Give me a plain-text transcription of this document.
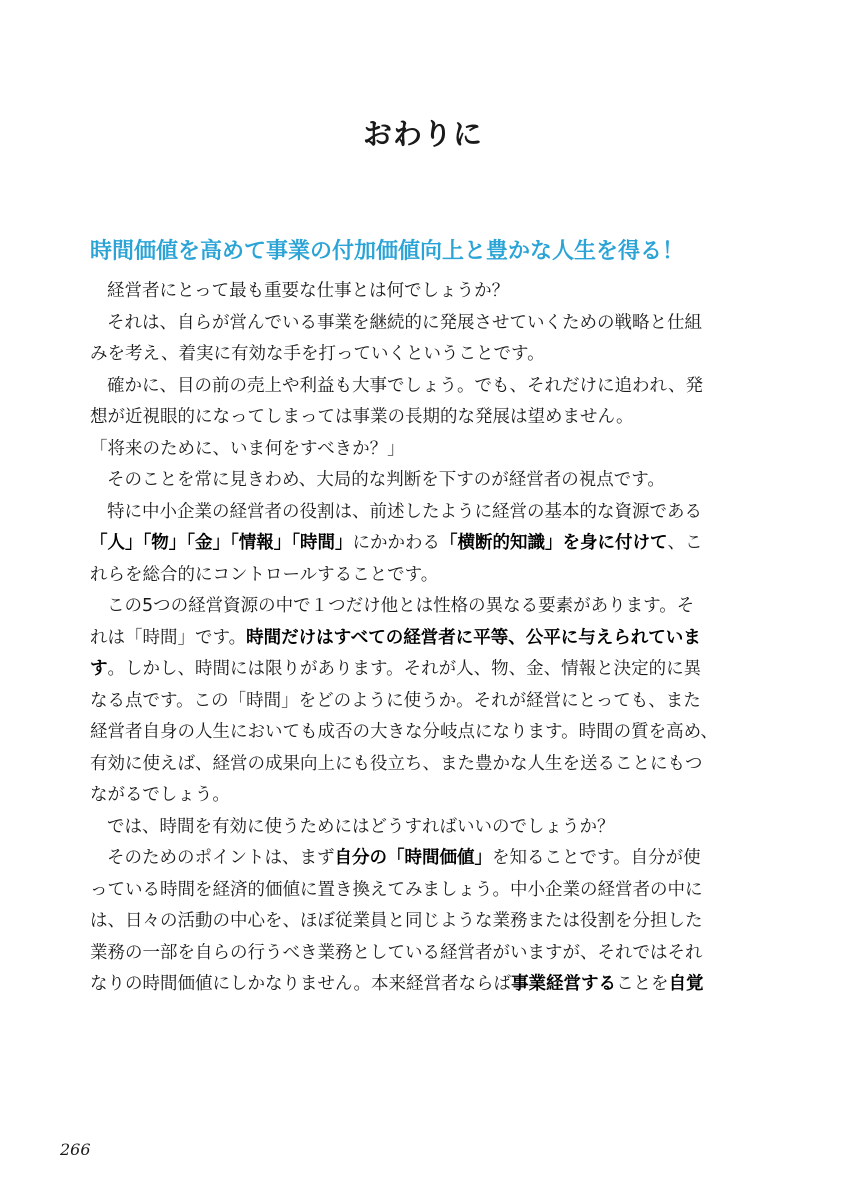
おわりに
時間価値を高めて事業の付加価値向上と豊かな人生を得る！
経営者にとって最も重要な仕事とは何でしょうか？
それは、自らが営んでいる事業を継続的に発展させていくための戦略と仕組
みを考え、着実に有効な手を打っていくということです。
確かに、目の前の売上や利益も大事でしょう。でも、それだけに追われ、発
想が近視眼的になってしまっては事業の長期的な発展は望めません。
「将来のために、いま何をすべきか？」
そのことを常に見きわめ、大局的な判断を下すのが経営者の視点です。
特に中小企業の経営者の役割は、前述したように経営の基本的な資源である
「人」「物」「金」「情報」「時間」にかかわる「横断的知識」を身に付けて、こ
れらを総合的にコントロールすることです。
この5つの経営資源の中で１つだけ他とは性格の異なる要素があります。そ
れは「時間」です。時間だけはすべての経営者に平等、公平に与えられていま
す。しかし、時間には限りがあります。それが人、物、金、情報と決定的に異
なる点です。この「時間」をどのように使うか。それが経営にとっても、また
経営者自身の人生においても成否の大きな分岐点になります。時間の質を高め、
有効に使えば、経営の成果向上にも役立ち、また豊かな人生を送ることにもつ
ながるでしょう。
では、時間を有効に使うためにはどうすればいいのでしょうか？
そのためのポイントは、まず自分の「時間価値」を知ることです。自分が使
っている時間を経済的価値に置き換えてみましょう。中小企業の経営者の中に
は、日々の活動の中心を、ほぼ従業員と同じような業務または役割を分担した
業務の一部を自らの行うべき業務としている経営者がいますが、それではそれ
なりの時間価値にしかなりません。本来経営者ならば事業経営することを自覚
266
